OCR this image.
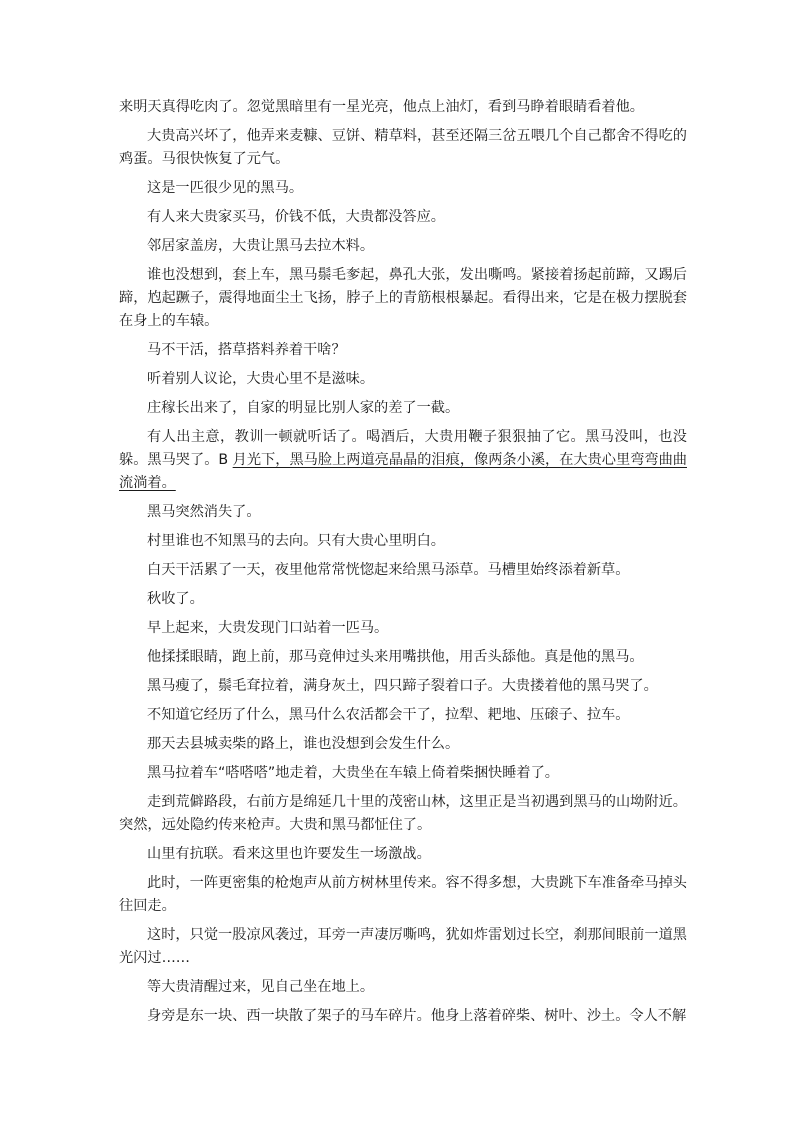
来明天真得吃肉了。忽觉黑暗里有一星光亮，他点上油灯，看到马睁着眼睛看着他。

大贵高兴坏了，他弄来麦糠、豆饼、精草料，甚至还隔三岔五喂几个自己都舍不得吃的鸡蛋。马很快恢复了元气。

这是一匹很少见的黑马。

有人来大贵家买马，价钱不低，大贵都没答应。

邻居家盖房，大贵让黑马去拉木料。

谁也没想到，套上车，黑马鬃毛奓起，鼻孔大张，发出嘶鸣。紧接着扬起前蹄，又踢后蹄，尥起蹶子，震得地面尘土飞扬，脖子上的青筋根根暴起。看得出来，它是在极力摆脱套在身上的车辕。

马不干活，搭草搭料养着干啥？

听着别人议论，大贵心里不是滋味。

庄稼长出来了，自家的明显比别人家的差了一截。

有人出主意，教训一顿就听话了。喝酒后，大贵用鞭子狠狠抽了它。黑马没叫，也没躲。黑马哭了。B 月光下，黑马脸上两道亮晶晶的泪痕，像两条小溪，在大贵心里弯弯曲曲流淌着。

黑马突然消失了。

村里谁也不知黑马的去向。只有大贵心里明白。

白天干活累了一天，夜里他常常恍惚起来给黑马添草。马槽里始终添着新草。

秋收了。

早上起来，大贵发现门口站着一匹马。

他揉揉眼睛，跑上前，那马竟伸过头来用嘴拱他，用舌头舔他。真是他的黑马。

黑马瘦了，鬃毛耷拉着，满身灰土，四只蹄子裂着口子。大贵搂着他的黑马哭了。

不知道它经历了什么，黑马什么农活都会干了，拉犁、耙地、压磙子、拉车。

那天去县城卖柴的路上，谁也没想到会发生什么。

黑马拉着车“嗒嗒嗒”地走着，大贵坐在车辕上倚着柴捆快睡着了。

走到荒僻路段，右前方是绵延几十里的茂密山林，这里正是当初遇到黑马的山坳附近。突然，远处隐约传来枪声。大贵和黑马都怔住了。

山里有抗联。看来这里也许要发生一场激战。

此时，一阵更密集的枪炮声从前方树林里传来。容不得多想，大贵跳下车准备牵马掉头往回走。

这时，只觉一股凉风袭过，耳旁一声凄厉嘶鸣，犹如炸雷划过长空，刹那间眼前一道黑光闪过……

等大贵清醒过来，见自己坐在地上。

身旁是东一块、西一块散了架子的马车碎片。他身上落着碎柴、树叶、沙土。令人不解
